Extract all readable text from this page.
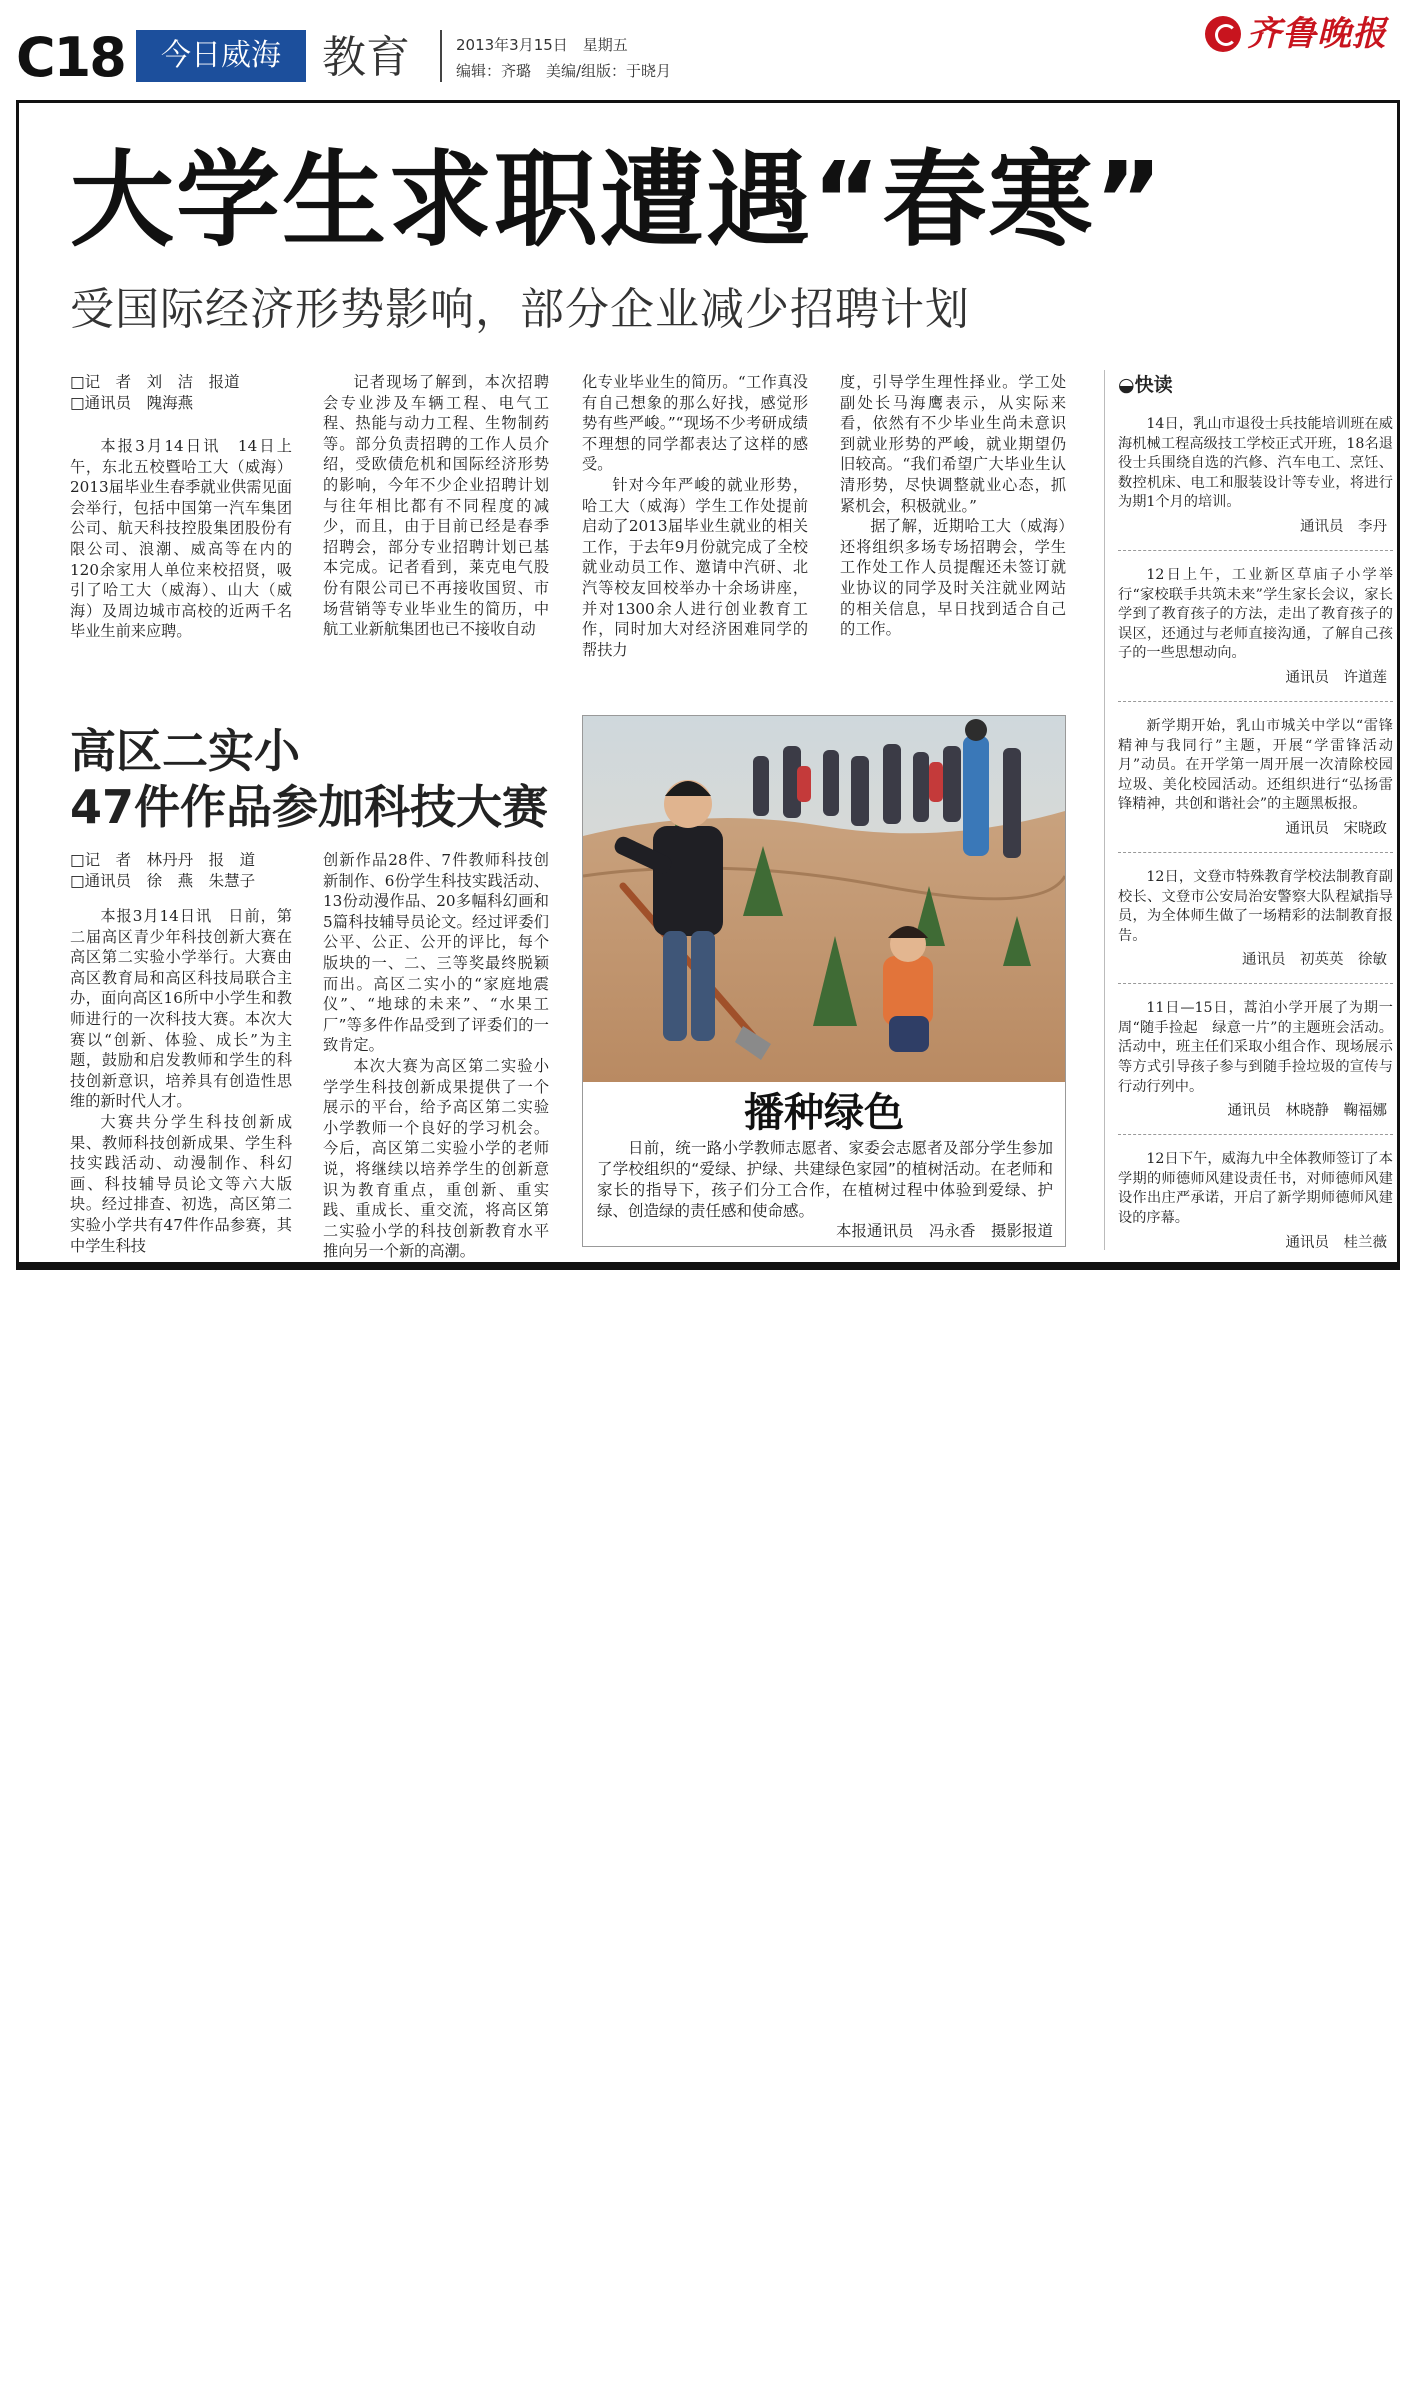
C18	今日威海 教育	2013年3月15日　星期五
编辑：齐璐　美编/组版：于晓月
齐鲁晚报
大学生求职遭遇“春寒”
受国际经济形势影响，部分企业减少招聘计划

□记　者　刘　洁　报道

□通讯员　隗海燕

本报3月14日讯　14日上午，东北五校暨哈工大（威海）2013届毕业生春季就业供需见面会举行，包括中国第一汽车集团公司、航天科技控股集团股份有限公司、浪潮、威高等在内的120余家用人单位来校招贤，吸引了哈工大（威海）、山大（威海）及周边城市高校的近两千名毕业生前来应聘。

记者现场了解到，本次招聘会专业涉及车辆工程、电气工程、热能与动力工程、生物制药等。部分负责招聘的工作人员介绍，受欧债危机和国际经济形势的影响，今年不少企业招聘计划与往年相比都有不同程度的减少，而且，由于目前已经是春季招聘会，部分专业招聘计划已基本完成。记者看到，莱克电气股份有限公司已不再接收国贸、市场营销等专业毕业生的简历，中航工业新航集团也已不接收自动

化专业毕业生的简历。“工作真没有自己想象的那么好找，感觉形势有些严峻。”“现场不少考研成绩不理想的同学都表达了这样的感受。

针对今年严峻的就业形势，哈工大（威海）学生工作处提前启动了2013届毕业生就业的相关工作，于去年9月份就完成了全校就业动员工作、邀请中汽研、北汽等校友回校举办十余场讲座，并对1300余人进行创业教育工作，同时加大对经济困难同学的帮扶力

度，引导学生理性择业。学工处副处长马海鹰表示，从实际来看，依然有不少毕业生尚未意识到就业形势的严峻，就业期望仍旧较高。“我们希望广大毕业生认清形势，尽快调整就业心态，抓紧机会，积极就业。”

据了解，近期哈工大（威海）还将组织多场专场招聘会，学生工作处工作人员提醒还未签订就业协议的同学及时关注就业网站的相关信息，早日找到适合自己的工作。

高区二实小
47件作品参加科技大赛

□记　者　林丹丹　报　道

□通讯员　徐　燕　朱慧子

本报3月14日讯　日前，第二届高区青少年科技创新大赛在高区第二实验小学举行。大赛由高区教育局和高区科技局联合主办，面向高区16所中小学生和教师进行的一次科技大赛。本次大赛以“创新、体验、成长”为主题，鼓励和启发教师和学生的科技创新意识，培养具有创造性思维的新时代人才。

大赛共分学生科技创新成果、教师科技创新成果、学生科技实践活动、动漫制作、科幻画、科技辅导员论文等六大版块。经过排查、初选，高区第二实验小学共有47件作品参赛，其中学生科技

创新作品28件、7件教师科技创新制作、6份学生科技实践活动、13份动漫作品、20多幅科幻画和5篇科技辅导员论文。经过评委们公平、公正、公开的评比，每个版块的一、二、三等奖最终脱颖而出。高区二实小的“家庭地震仪”、“地球的未来”、“水果工厂”等多件作品受到了评委们的一致肯定。

本次大赛为高区第二实验小学学生科技创新成果提供了一个展示的平台，给予高区第二实验小学教师一个良好的学习机会。今后，高区第二实验小学的老师说，将继续以培养学生的创新意识为教育重点，重创新、重实践、重成长、重交流，将高区第二实验小学的科技创新教育水平推向另一个新的高潮。

播种绿色
日前，统一路小学教师志愿者、家委会志愿者及部分学生参加了学校组织的“爱绿、护绿、共建绿色家园”的植树活动。在老师和家长的指导下，孩子们分工合作，在植树过程中体验到爱绿、护绿、创造绿的责任感和使命感。
本报通讯员　冯永香　摄影报道
◒快读

14日，乳山市退役士兵技能培训班在威海机械工程高级技工学校正式开班，18名退役士兵围绕自选的汽修、汽车电工、烹饪、数控机床、电工和服装设计等专业，将进行为期1个月的培训。

通讯员　李丹

12日上午，工业新区草庙子小学举行“家校联手共筑未来”学生家长会议，家长学到了教育孩子的方法，走出了教育孩子的误区，还通过与老师直接沟通，了解自己孩子的一些思想动向。

通讯员　许道莲

新学期开始，乳山市城关中学以“雷锋精神与我同行”主题，开展“学雷锋活动月”动员。在开学第一周开展一次清除校园垃圾、美化校园活动。还组织进行“弘扬雷锋精神，共创和谐社会”的主题黑板报。

通讯员　宋晓政

12日，文登市特殊教育学校法制教育副校长、文登市公安局治安警察大队程斌指导员，为全体师生做了一场精彩的法制教育报告。

通讯员　初英英　徐敏

11日—15日，蒿泊小学开展了为期一周“随手捡起　绿意一片”的主题班会活动。活动中，班主任们采取小组合作、现场展示等方式引导孩子参与到随手捡垃圾的宣传与行动行列中。

通讯员　林晓静　鞠福娜

12日下午，威海九中全体教师签订了本学期的师德师风建设责任书，对师德师风建设作出庄严承诺，开启了新学期师德师风建设的序幕。

通讯员　桂兰薇
